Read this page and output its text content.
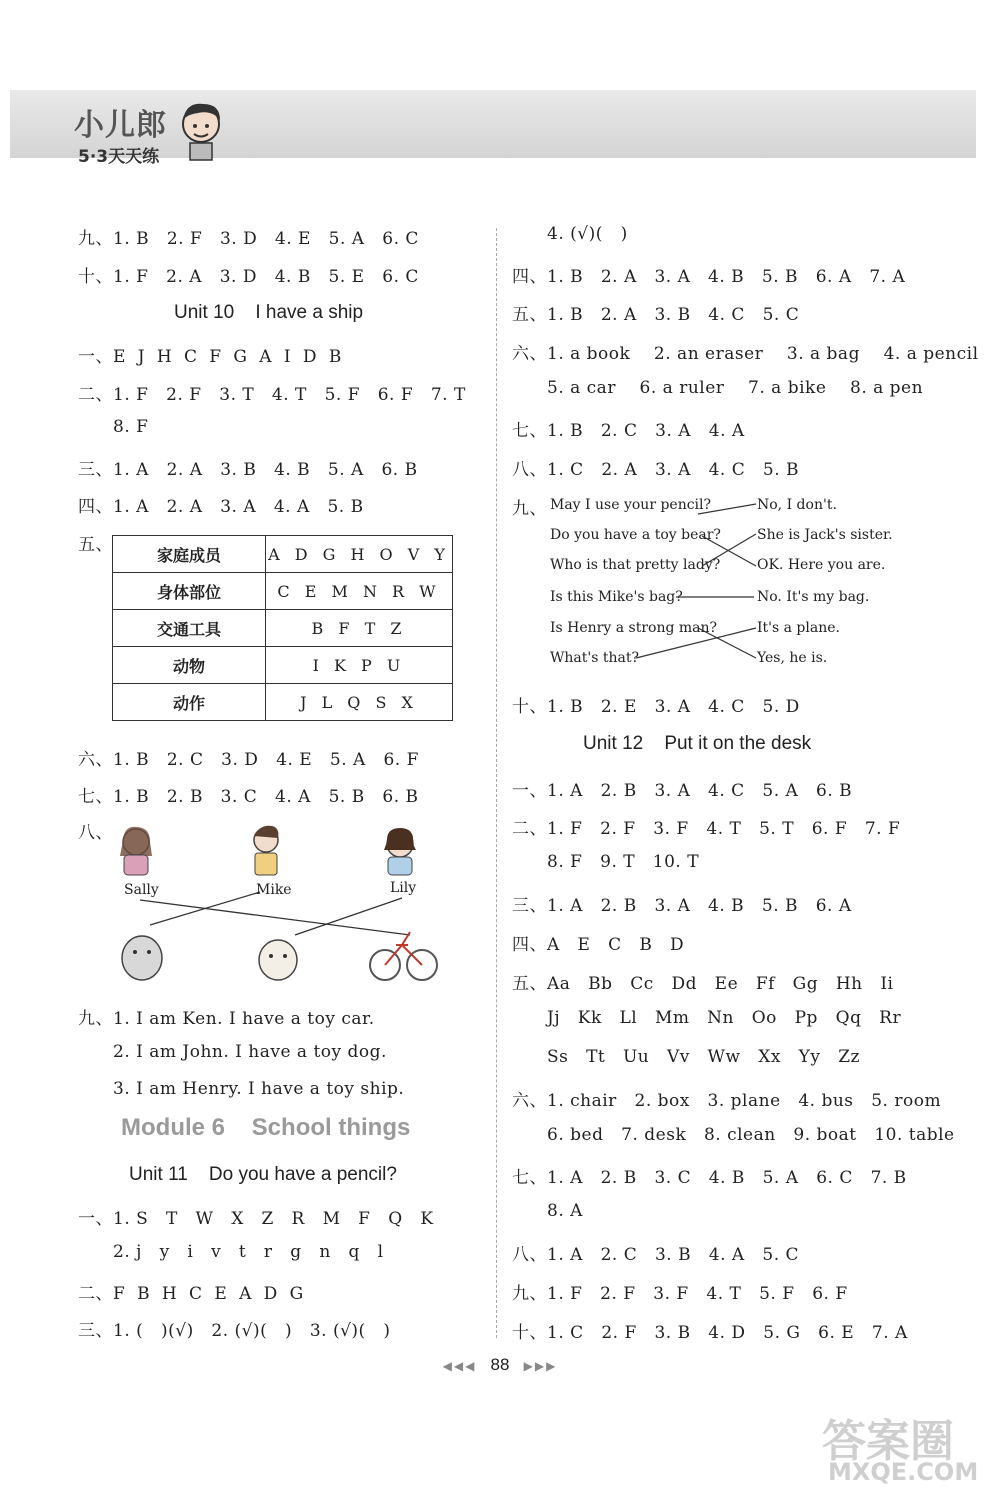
小儿郎
5·3天天练
九、1. B   2. F   3. D   4. E   5. A   6. C
十、1. F   2. A   3. D   4. B   5. E   6. C
Unit 10    I have a ship
一、E  J  H  C  F  G  A  I  D  B
二、1. F   2. F   3. T   4. T   5. F   6. F   7. T
8. F
三、1. A   2. A   3. B   4. B   5. A   6. B
四、1. A   2. A   3. A   4. A   5. B
五、	家庭成员	A D G H O V Y
身体部位	C E M N R W
交通工具	B F T Z
动物	I K P U
动作	J L Q S X
六、1. B   2. C   3. D   4. E   5. A   6. F
七、1. B   2. B   3. C   4. A   5. B   6. B
八、
Sally	Mike	Lily
九、1. I am Ken. I have a toy car.
2. I am John. I have a toy dog.
3. I am Henry. I have a toy ship.
Module 6    School things
Unit 11    Do you have a pencil?
一、1. S   T   W   X   Z   R   M   F   Q   K
2. j   y   i   v   t   r   g   n   q   l
二、F  B  H  C  E  A  D  G
三、1. (   )(√)   2. (√)(   )   3. (√)(   )
4. (√)(   )
四、1. B   2. A   3. A   4. B   5. B   6. A   7. A
五、1. B   2. A   3. B   4. C   5. C
六、1. a book    2. an eraser    3. a bag    4. a pencil
5. a car    6. a ruler    7. a bike    8. a pen
七、1. B   2. C   3. A   4. A
八、1. C   2. A   3. A   4. C   5. B
九、 May I use your pencil?
Do you have a toy bear?
Who is that pretty lady?
Is this Mike's bag?
Is Henry a strong man?
What's that?
No, I don't.
She is Jack's sister.
OK. Here you are.
No. It's my bag.
It's a plane.
Yes, he is.
十、1. B   2. E   3. A   4. C   5. D
Unit 12    Put it on the desk
一、1. A   2. B   3. A   4. C   5. A   6. B
二、1. F   2. F   3. F   4. T   5. T   6. F   7. F
8. F   9. T   10. T
三、1. A   2. B   3. A   4. B   5. B   6. A
四、A   E   C   B   D
五、Aa   Bb   Cc   Dd   Ee   Ff   Gg   Hh   Ii
Jj   Kk   Ll   Mm   Nn   Oo   Pp   Qq   Rr
Ss   Tt   Uu   Vv   Ww   Xx   Yy   Zz
六、1. chair   2. box   3. plane   4. bus   5. room
6. bed   7. desk   8. clean   9. boat   10. table
七、1. A   2. B   3. C   4. B   5. A   6. C   7. B
8. A
八、1. A   2. C   3. B   4. A   5. C
九、1. F   2. F   3. F   4. T   5. F   6. F
十、1. C   2. F   3. B   4. D   5. G   6. E   7. A
◀◀◀ 88 ▶▶▶
答案圈
MXQE.COM
